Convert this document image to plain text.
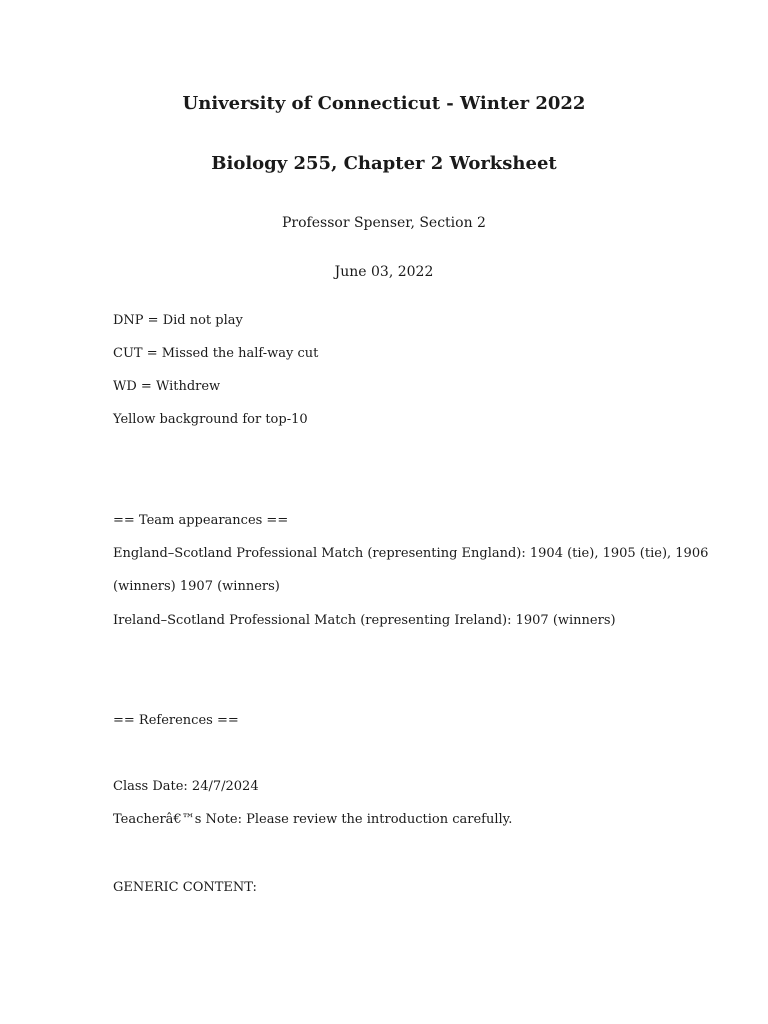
University of Connecticut - Winter 2022
Biology 255, Chapter 2 Worksheet
Professor Spenser, Section 2
June 03, 2022
DNP = Did not play
CUT = Missed the half-way cut
WD = Withdrew
Yellow background for top-10
== Team appearances ==
England–Scotland Professional Match (representing England): 1904 (tie), 1905 (tie), 1906
(winners) 1907 (winners)
Ireland–Scotland Professional Match (representing Ireland): 1907 (winners)
== References ==
Class Date: 24/7/2024
Teacherâ€™s Note: Please review the introduction carefully.
GENERIC CONTENT:
